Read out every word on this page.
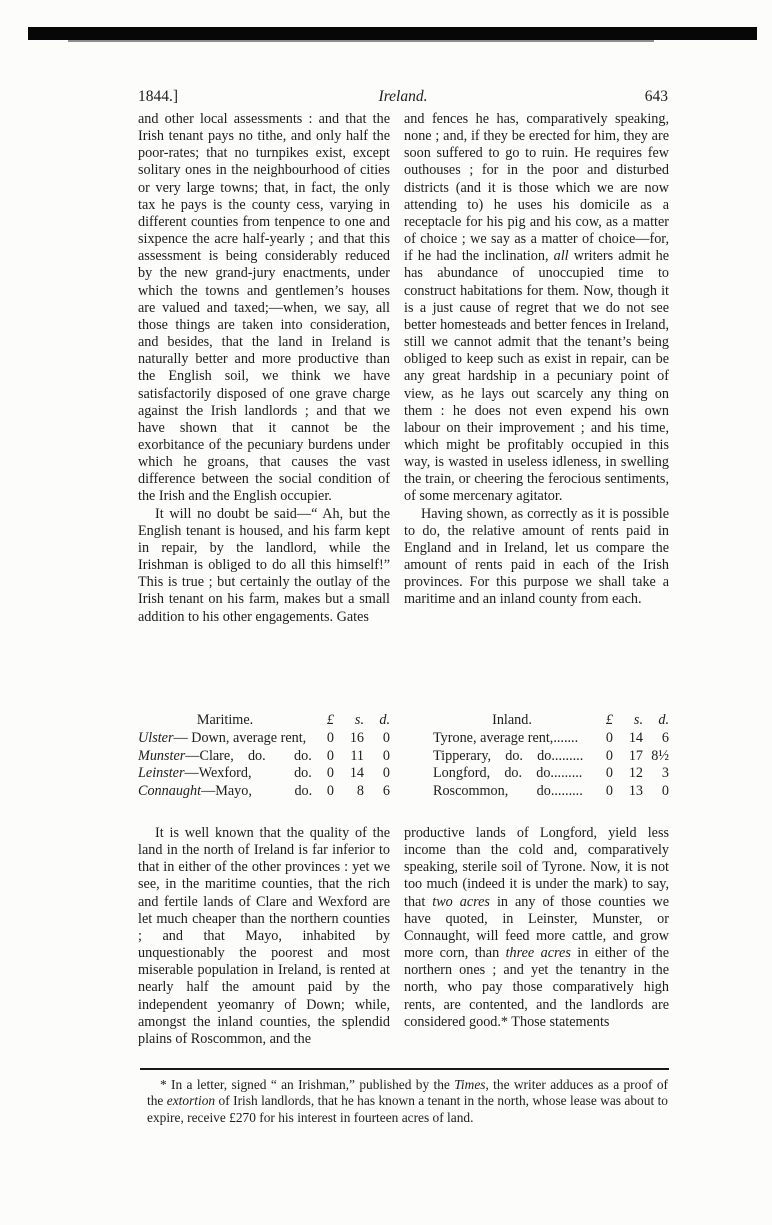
1844.]	Ireland.	643

and other local assessments : and that the Irish tenant pays no tithe, and only half the poor-rates; that no turnpikes exist, except solitary ones in the neighbourhood of cities or very large towns; that, in fact, the only tax he pays is the county cess, varying in different counties from tenpence to one and sixpence the acre half-yearly ; and that this assessment is being considerably reduced by the new grand-jury enactments, under which the towns and gentlemen’s houses are valued and taxed;—when, we say, all those things are taken into consideration, and besides, that the land in Ireland is naturally better and more productive than the English soil, we think we have satisfactorily disposed of one grave charge against the Irish landlords ; and that we have shown that it cannot be the exorbitance of the pecuniary burdens under which he groans, that causes the vast difference between the social condition of the Irish and the English occupier.

It will no doubt be said—“ Ah, but the English tenant is housed, and his farm kept in repair, by the landlord, while the Irishman is obliged to do all this himself!” This is true ; but certainly the outlay of the Irish tenant on his farm, makes but a small addition to his other engagements. Gates

and fences he has, comparatively speaking, none ; and, if they be erected for him, they are soon suffered to go to ruin. He requires few outhouses ; for in the poor and disturbed districts (and it is those which we are now attending to) he uses his domicile as a receptacle for his pig and his cow, as a matter of choice ; we say as a matter of choice—for, if he had the inclination, all writers admit he has abundance of unoccupied time to construct habitations for them. Now, though it is a just cause of regret that we do not see better homesteads and better fences in Ireland, still we cannot admit that the tenant’s being obliged to keep such as exist in repair, can be any great hardship in a pecuniary point of view, as he lays out scarcely any thing on them : he does not even expend his own labour on their improvement ; and his time, which might be profitably occupied in this way, is wasted in useless idleness, in swelling the train, or cheering the ferocious sentiments, of some mercenary agitator.

Having shown, as correctly as it is possible to do, the relative amount of rents paid in England and in Ireland, let us compare the amount of rents paid in each of the Irish provinces. For this purpose we shall take a maritime and an inland county from each.

Maritime.	£	s.	d.
Ulster— Down, average rent,	0	16	0
Munster—Clare, do.  do.	0	11	0
Leinster—Wexford,   do.	0	14	0
Connaught—Mayo,   do.	0	8	6
Inland.	£	s.	d.
Tyrone, average rent,.......	0	14	6
Tipperary, do. do.........	0	17 8½
Longford, do. do.........	0	12	3
Roscommon,  do.........	0	13	0

It is well known that the quality of the land in the north of Ireland is far inferior to that in either of the other provinces : yet we see, in the maritime counties, that the rich and fertile lands of Clare and Wexford are let much cheaper than the northern counties ; and that Mayo, inhabited by unquestionably the poorest and most miserable population in Ireland, is rented at nearly half the amount paid by the independent yeomanry of Down; while, amongst the inland counties, the splendid plains of Roscommon, and the

productive lands of Longford, yield less income than the cold and, comparatively speaking, sterile soil of Tyrone. Now, it is not too much (indeed it is under the mark) to say, that two acres in any of those counties we have quoted, in Leinster, Munster, or Connaught, will feed more cattle, and grow more corn, than three acres in either of the northern ones ; and yet the tenantry in the north, who pay those comparatively high rents, are contented, and the landlords are considered good.* Those statements

* In a letter, signed “ an Irishman,” published by the Times, the writer adduces as a proof of the extortion of Irish landlords, that he has known a tenant in the north, whose lease was about to expire, receive £270 for his interest in fourteen acres of land.
